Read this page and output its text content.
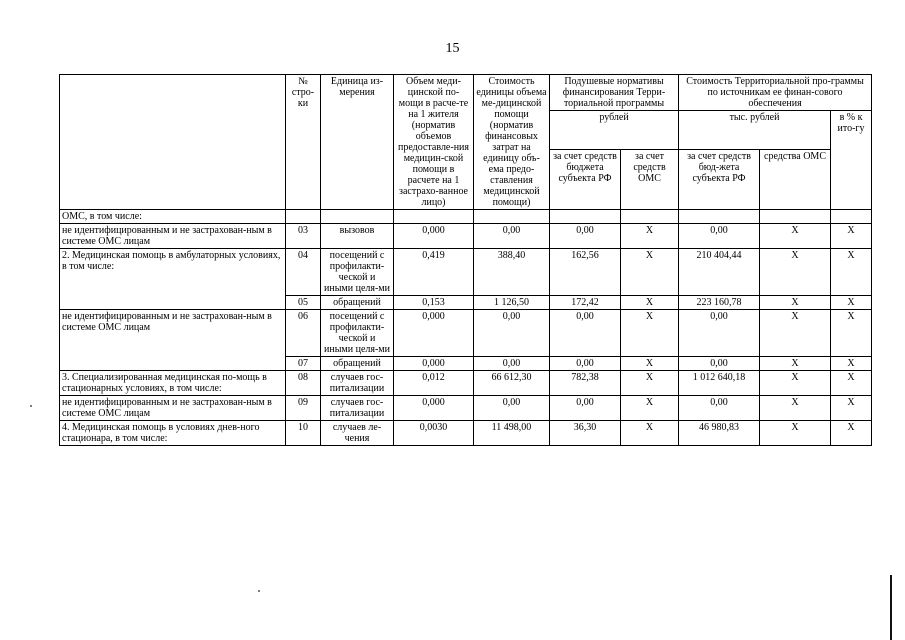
15
	№ стро-ки	Единица из-мерения	Объем меди-цинской по-мощи в расче-те на 1 жителя (норматив объемов предоставле-ния медицин-ской помощи в расчете на 1 застрахо-ванное лицо)	Стоимость единицы объема ме-дицинской помощи (норматив финансовых затрат на единицу объ-ема предо-ставления медицинской помощи)	Подушевые нормативы финансирования Терри-ториальной программы		Стоимость Территориальной про-граммы по источникам ее финан-сового обеспечения		
					рублей		тыс. рублей		в % к ито-гу
					за счет средств бюджета субъекта РФ	за счет средств ОМС	за счет средств бюд-жета субъекта РФ	средства ОМС	

ОМС, в том числе:									
не идентифицированным и не застрахован-ным в системе ОМС лицам	03	вызовов	0,000	0,00	0,00	X	0,00	X	X
2. Медицинская помощь в амбулаторных условиях, в том числе:	04	посещений с профилакти-ческой и иными целя-ми	0,419	388,40	162,56	X	210 404,44	X	X
	05	обращений	0,153	1 126,50	172,42	X	223 160,78	X	X
не идентифицированным и не застрахован-ным в системе ОМС лицам	06	посещений с профилакти-ческой и иными целя-ми	0,000	0,00	0,00	X	0,00	X	X
	07	обращений	0,000	0,00	0,00	X	0,00	X	X
3. Специализированная медицинская по-мощь в стационарных условиях, в том числе:	08	случаев гос-питализации	0,012	66 612,30	782,38	X	1 012 640,18	X	X
не идентифицированным и не застрахован-ным в системе ОМС лицам	09	случаев гос-питализации	0,000	0,00	0,00	X	0,00	X	X
4. Медицинская помощь в условиях днев-ного стационара, в том числе:	10	случаев ле-чения	0,0030	11 498,00	36,30	X	46 980,83	X	X
